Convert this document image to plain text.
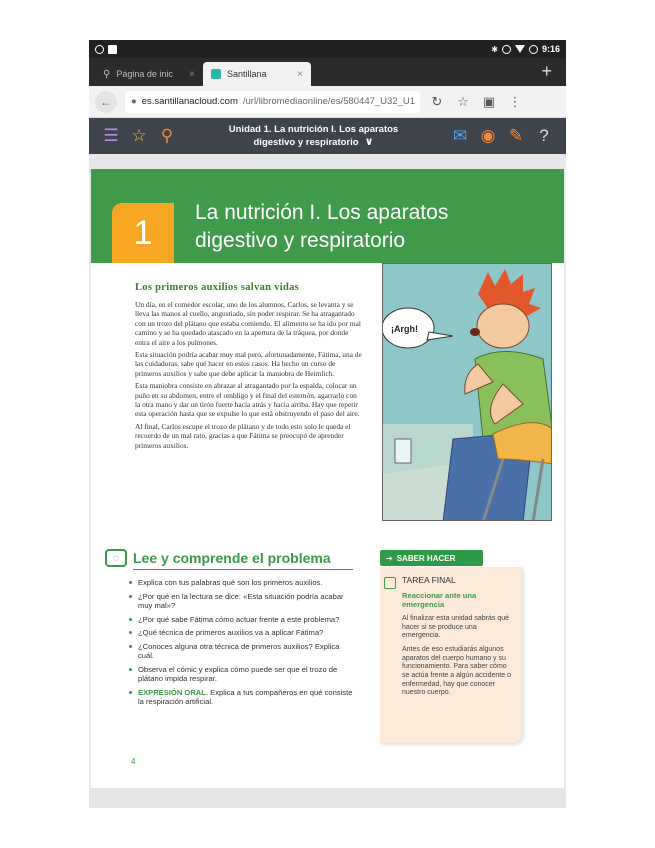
✱	9:16
⚲ Página de inic ×	Santillana	×	+
←	● es.santillanacloud.com /url/libromediaonline/es/580447_U32_U1 ↻ ☆ ▣ ⋮
☰ ☆ ⚲	Unidad 1. La nutrición I. Los aparatos
digestivo y respiratorio ∨	✉ ◉ ✎ ?
1
La nutrición I. Los aparatos
digestivo y respiratorio
Los primeros auxilios salvan vidas

Un día, en el comedor escolar, uno de los alumnos, Carlos, se levanta y se lleva las manos al cuello, angustiado, sin poder respirar. Se ha atragantado con un trozo del plátano que estaba comiendo. El alimento se ha ido por mal camino y se ha quedado atascado en la apertura de la tráquea, por donde entra el aire a los pulmones.

Esta situación podría acabar muy mal pero, afortunadamente, Fátima, una de las cuidadoras, sabe qué hacer en estos casos. Ha hecho un curso de primeros auxilios y sabe que debe aplicar la maniobra de Heimlich.

Esta maniobra consiste en abrazar al atragantado por la espalda, colocar un puño en su abdomen, entre el ombligo y el final del esternón, agarrarlo con la otra mano y dar un tirón fuerte hacia atrás y hacia arriba. Hay que repetir esta operación hasta que se expulse lo que está obstruyendo el paso del aire.

Al final, Carlos escupe el trozo de plátano y de todo esto solo le queda el recuerdo de un mal rato, gracias a que Fátima se preocupó de aprender primeros auxilios.

¡Argh!
◌	Lee y comprende el problema
Explica con tus palabras qué son los primeros auxilios.
¿Por qué en la lectura se dice: «Esta situación podría acabar muy mal»?
¿Por qué sabe Fátima cómo actuar frente a este problema?
¿Qué técnica de primeros auxilios va a aplicar Fátima?
¿Conoces alguna otra técnica de primeros auxilios? Explica cuál.
Observa el cómic y explica cómo puede ser que el trozo de plátano impida respirar.
EXPRESIÓN ORAL. Explica a tus compañeros en qué consiste la respiración artificial.
➔ SABER HACER
TAREA FINAL
Reaccionar ante una emergencia
Al finalizar esta unidad sabrás qué hacer si se produce una emergencia.
Antes de eso estudiarás algunos aparatos del cuerpo humano y su funcionamiento. Para saber cómo se actúa frente a algún accidente o enfermedad, hay que conocer nuestro cuerpo.
4
